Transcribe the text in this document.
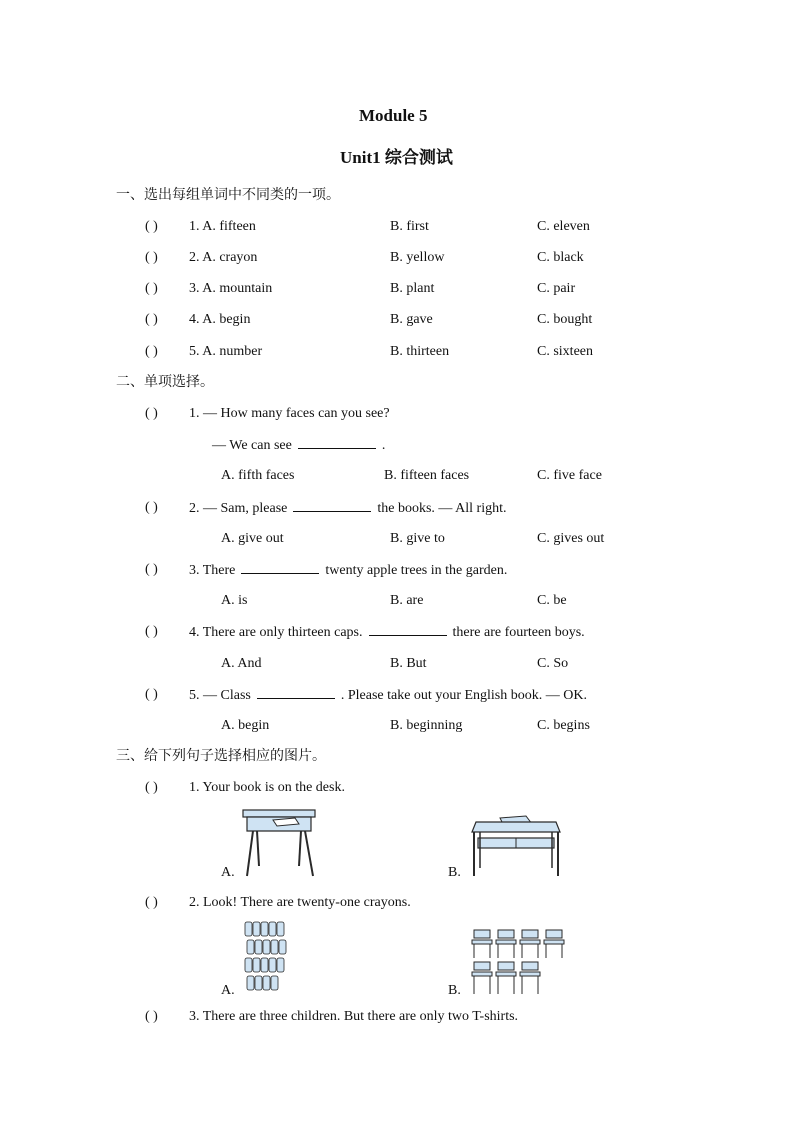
Module 5
Unit1 综合测试
一、选出每组单词中不同类的一项。
( ) 1. A. fifteen	B. first	C. eleven
( ) 2. A. crayon	B. yellow	C. black
( ) 3. A. mountain	B. plant	C. pair
( ) 4. A. begin	B. gave	C. bought
( ) 5. A. number	B. thirteen	C. sixteen
二、单项选择。
( ) 1. — How many faces can you see?
— We can see	.
A. fifth faces	B. fifteen faces	C. five face
( ) 2. — Sam, please	the books. — All right.
A. give out	B. give to	C. gives out
( ) 3. There	twenty apple trees in the garden.
A. is	B. are	C. be
( ) 4. There are only thirteen caps.	there are fourteen boys.
A. And	B. But	C. So
( ) 5. — Class	. Please take out your English book. — OK.
A. begin	B. beginning	C. begins
三、给下列句子选择相应的图片。
( ) 1. Your book is on the desk.
A.	B.
( ) 2. Look! There are twenty-one crayons.
A.	B.
( ) 3. There are three children. But there are only two T-shirts.
